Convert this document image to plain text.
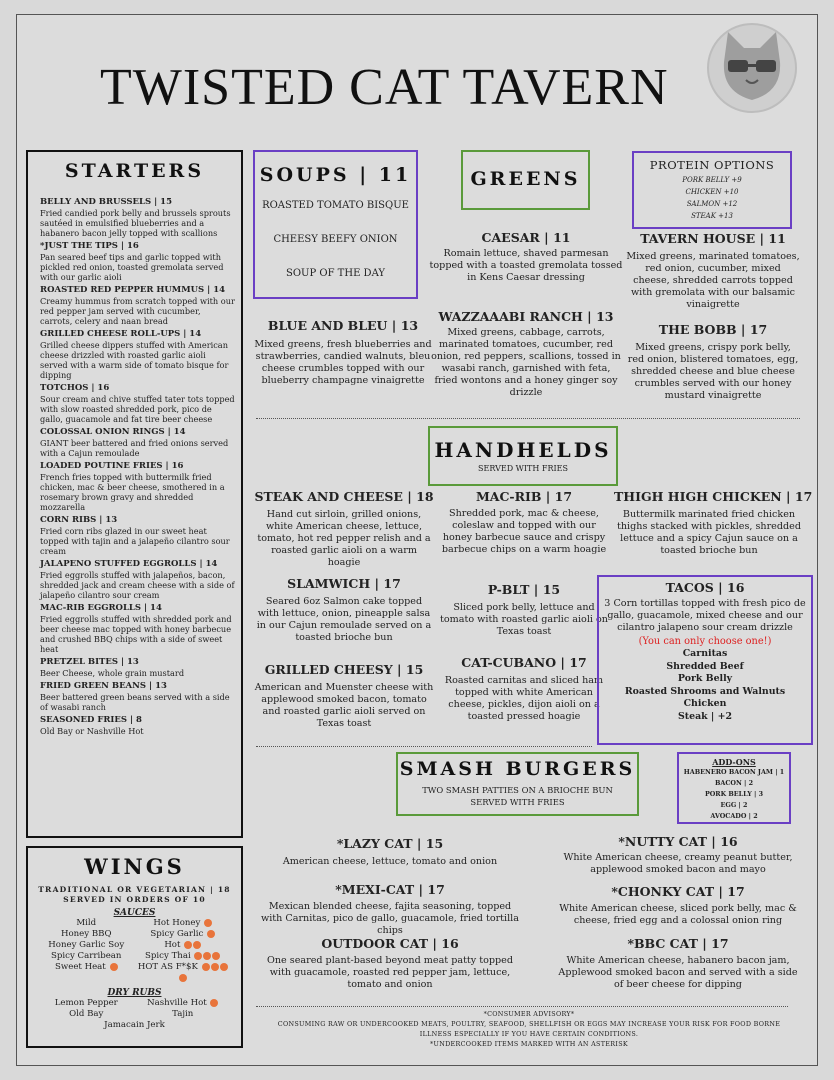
TWISTED CAT TAVERN
STARTERS
BELLY AND BRUSSELS | 15
Fried candied pork belly and brussels sprouts sautéed in emulsified blueberries and a habanero bacon jelly topped with scallions
*JUST THE TIPS | 16
Pan seared beef tips and garlic topped with pickled red onion, toasted gremolata served with our garlic aioli
ROASTED RED PEPPER HUMMUS | 14
Creamy hummus from scratch topped with our red pepper jam served with cucumber, carrots, celery and naan bread
GRILLED CHEESE ROLL-UPS | 14
Grilled cheese dippers stuffed with American cheese drizzled with roasted garlic aioli served with a warm side of tomato bisque for dipping
TOTCHOS | 16
Sour cream and chive stuffed tater tots topped with slow roasted shredded pork, pico de gallo, guacamole and fat tire beer cheese
COLOSSAL ONION RINGS | 14
GIANT beer battered and fried onions served with a Cajun remoulade
LOADED POUTINE FRIES | 16
French fries topped with buttermilk fried chicken, mac & beer cheese, smothered in a rosemary brown gravy and shredded mozzarella
CORN RIBS | 13
Fried corn ribs glazed in our sweet heat topped with tajin and a jalapeño cilantro sour cream
JALAPENO STUFFED EGGROLLS | 14
Fried eggrolls stuffed with jalapeños, bacon, shredded jack and cream cheese with a side of jalapeño cilantro sour cream
MAC-RIB EGGROLLS | 14
Fried eggrolls stuffed with shredded pork and beer cheese mac topped with honey barbecue and crushed BBQ chips with a side of sweet heat
PRETZEL BITES | 13
Beer Cheese, whole grain mustard
FRIED GREEN BEANS | 13
Beer battered green beans served with a side of wasabi ranch
SEASONED FRIES | 8
Old Bay or Nashville Hot
WINGS
TRADITIONAL OR VEGETARIAN | 18
SERVED IN ORDERS OF 10
SAUCES
Mild
Honey BBQ
Honey Garlic Soy
Spicy Carribean
Sweet Heat
Hot Honey
Spicy Garlic
Hot
Spicy Thai
HOT AS F*$K
DRY RUBS
Lemon Pepper
Old Bay
Nashville Hot
Tajin
Jamacain Jerk
SOUPS | 11
ROASTED TOMATO BISQUE
CHEESY BEEFY ONION
SOUP OF THE DAY
GREENS
CAESAR | 11
Romain lettuce, shaved parmesan topped with a toasted gremolata tossed in Kens Caesar dressing
BLUE AND BLEU | 13
Mixed greens, fresh blueberries and strawberries, candied walnuts, bleu cheese crumbles topped with our blueberry champagne vinaigrette
WAZZAAABI RANCH | 13
Mixed greens, cabbage, carrots, marinated tomatoes, cucumber, red onion, red peppers, scallions, tossed in wasabi ranch, garnished with feta, fried wontons and a honey ginger soy drizzle
PROTEIN OPTIONS
PORK BELLY +9
CHICKEN +10
SALMON +12
STEAK +13
TAVERN HOUSE | 11
Mixed greens, marinated tomatoes, red onion, cucumber, mixed cheese, shredded carrots topped with gremolata with our balsamic vinaigrette
THE BOBB | 17
Mixed greens, crispy pork belly, red onion, blistered tomatoes, egg, shredded cheese and blue cheese crumbles served with our honey mustard vinaigrette
HANDHELDS
SERVED WITH FRIES
STEAK AND CHEESE | 18
Hand cut sirloin, grilled onions, white American cheese, lettuce, tomato, hot red pepper relish and a roasted garlic aioli on a warm hoagie
MAC-RIB | 17
Shredded pork, mac & cheese, coleslaw and topped with our honey barbecue sauce and crispy barbecue chips on a warm hoagie
THIGH HIGH CHICKEN | 17
Buttermilk marinated fried chicken thighs stacked with pickles, shredded lettuce and a spicy Cajun sauce on a toasted brioche bun
SLAMWICH | 17
Seared 6oz Salmon cake topped with lettuce, onion, pineapple salsa in our Cajun remoulade served on a toasted brioche bun
P-BLT | 15
Sliced pork belly, lettuce and tomato with roasted garlic aioli on Texas toast
GRILLED CHEESY | 15
American and Muenster cheese with applewood smoked bacon, tomato and roasted garlic aioli served on Texas toast
CAT-CUBANO | 17
Roasted carnitas and sliced ham topped with white American cheese, pickles, dijon aioli on a toasted pressed hoagie
TACOS | 16
3 Corn tortillas topped with fresh pico de gallo, guacamole, mixed cheese and our cilantro jalapeno sour cream drizzle
(You can only choose one!)
Carnitas
Shredded Beef
Pork Belly
Roasted Shrooms and Walnuts
Chicken
Steak | +2
SMASH BURGERS
TWO SMASH PATTIES ON A BRIOCHE BUN
SERVED WITH FRIES
ADD-ONS
HABENERO BACON JAM | 1
BACON | 2
PORK BELLY | 3
EGG | 2
AVOCADO | 2
*LAZY CAT | 15
American cheese, lettuce, tomato and onion
*MEXI-CAT | 17
Mexican blended cheese, fajita seasoning, topped with Carnitas, pico de gallo, guacamole, fried tortilla chips
OUTDOOR CAT | 16
One seared plant-based beyond meat patty topped with guacamole, roasted red pepper jam, lettuce, tomato and onion
*NUTTY CAT | 16
White American cheese, creamy peanut butter, applewood smoked bacon and mayo
*CHONKY CAT | 17
White American cheese, sliced pork belly, mac & cheese, fried egg and a colossal onion ring
*BBC CAT | 17
White American cheese, habanero bacon jam, Applewood smoked bacon and served with a side of beer cheese for dipping
*CONSUMER ADVISORY*
CONSUMING RAW OR UNDERCOOKED MEATS, POULTRY, SEAFOOD, SHELLFISH OR EGGS MAY INCREASE YOUR RISK FOR FOOD BORNE
ILLNESS ESPECIALLY IF YOU HAVE CERTAIN CONDITIONS.
*UNDERCOOKED ITEMS MARKED WITH AN ASTERISK
